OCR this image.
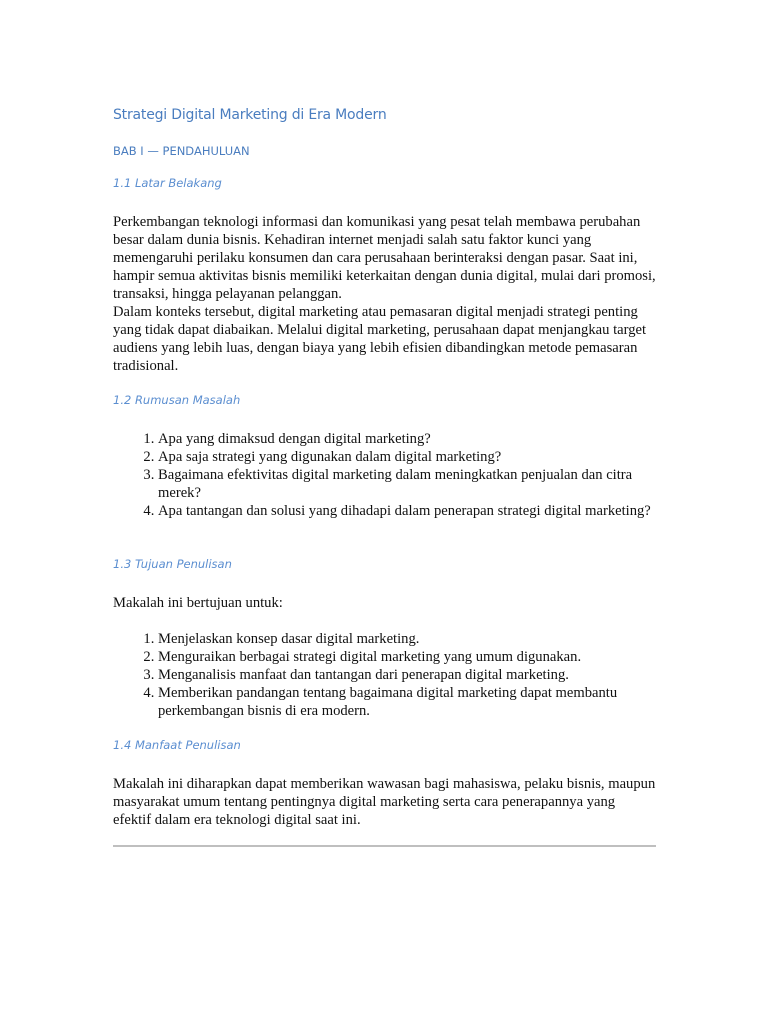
Strategi Digital Marketing di Era Modern
BAB I — PENDAHULUAN
1.1 Latar Belakang

Perkembangan teknologi informasi dan komunikasi yang pesat telah membawa perubahan besar dalam dunia bisnis. Kehadiran internet menjadi salah satu faktor kunci yang memengaruhi perilaku konsumen dan cara perusahaan berinteraksi dengan pasar. Saat ini, hampir semua aktivitas bisnis memiliki keterkaitan dengan dunia digital, mulai dari promosi, transaksi, hingga pelayanan pelanggan.

Dalam konteks tersebut, digital marketing atau pemasaran digital menjadi strategi penting yang tidak dapat diabaikan. Melalui digital marketing, perusahaan dapat menjangkau target audiens yang lebih luas, dengan biaya yang lebih efisien dibandingkan metode pemasaran tradisional.

1.2 Rumusan Masalah
1. Apa yang dimaksud dengan digital marketing?
2. Apa saja strategi yang digunakan dalam digital marketing?
3. Bagaimana efektivitas digital marketing dalam meningkatkan penjualan dan citra merek?
4. Apa tantangan dan solusi yang dihadapi dalam penerapan strategi digital marketing?
1.3 Tujuan Penulisan
Makalah ini bertujuan untuk:
1. Menjelaskan konsep dasar digital marketing.
2. Menguraikan berbagai strategi digital marketing yang umum digunakan.
3. Menganalisis manfaat dan tantangan dari penerapan digital marketing.
4. Memberikan pandangan tentang bagaimana digital marketing dapat membantu perkembangan bisnis di era modern.
1.4 Manfaat Penulisan
Makalah ini diharapkan dapat memberikan wawasan bagi mahasiswa, pelaku bisnis, maupun masyarakat umum tentang pentingnya digital marketing serta cara penerapannya yang efektif dalam era teknologi digital saat ini.
